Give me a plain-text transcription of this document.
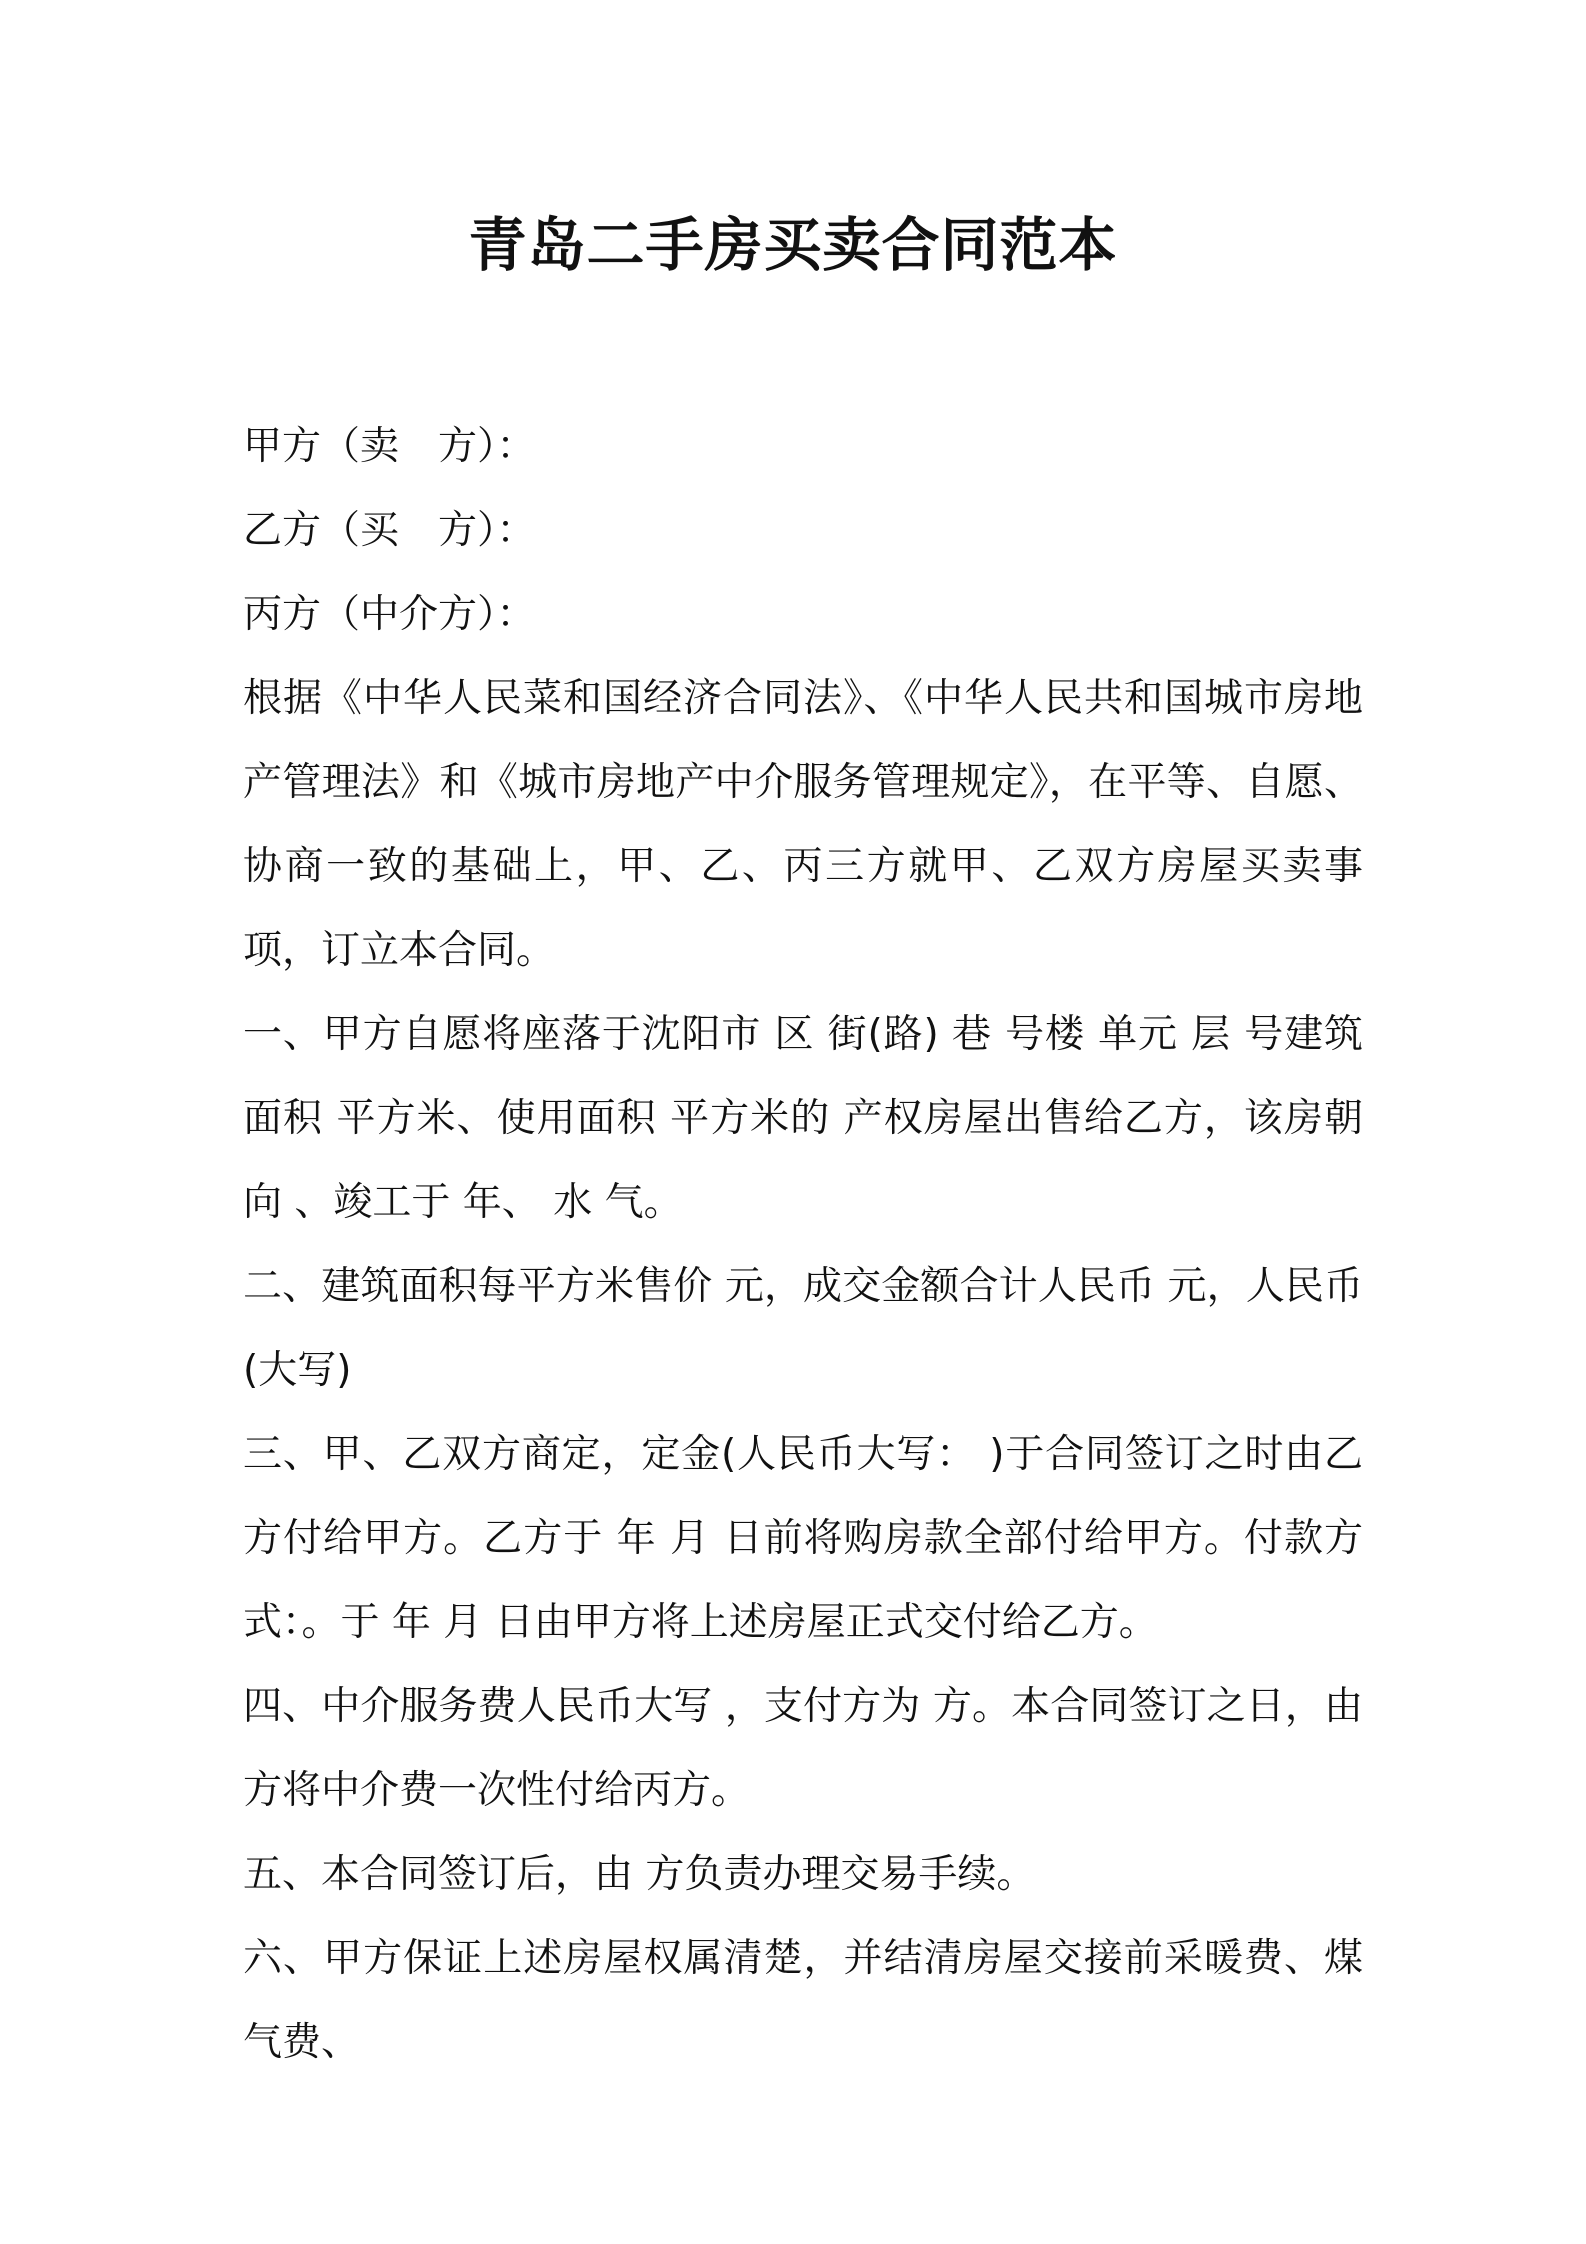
青岛二手房买卖合同范本

甲方（卖　方）：

乙方（买　方）：

丙方（中介方）：

根据《中华人民菜和国经济合同法》、《中华人民共和国城市房地产管理法》和《城市房地产中介服务管理规定》，在平等、自愿、协商一致的基础上，甲、乙、丙三方就甲、乙双方房屋买卖事项，订立本合同。

一、甲方自愿将座落于沈阳市 区 街(路) 巷 号楼 单元 层 号建筑面积 平方米、使用面积 平方米的 产权房屋出售给乙方，该房朝向 、竣工于 年、 水 气。

二、建筑面积每平方米售价 元，成交金额合计人民币 元，人民币(大写)

三、甲、乙双方商定，定金(人民币大写： )于合同签订之时由乙方付给甲方。乙方于 年 月 日前将购房款全部付给甲方。付款方式：。于 年 月 日由甲方将上述房屋正式交付给乙方。

四、中介服务费人民币大写 ，支付方为 方。本合同签订之日，由 方将中介费一次性付给丙方。

五、本合同签订后，由 方负责办理交易手续。

六、甲方保证上述房屋权属清楚，并结清房屋交接前采暖费、煤气费、
